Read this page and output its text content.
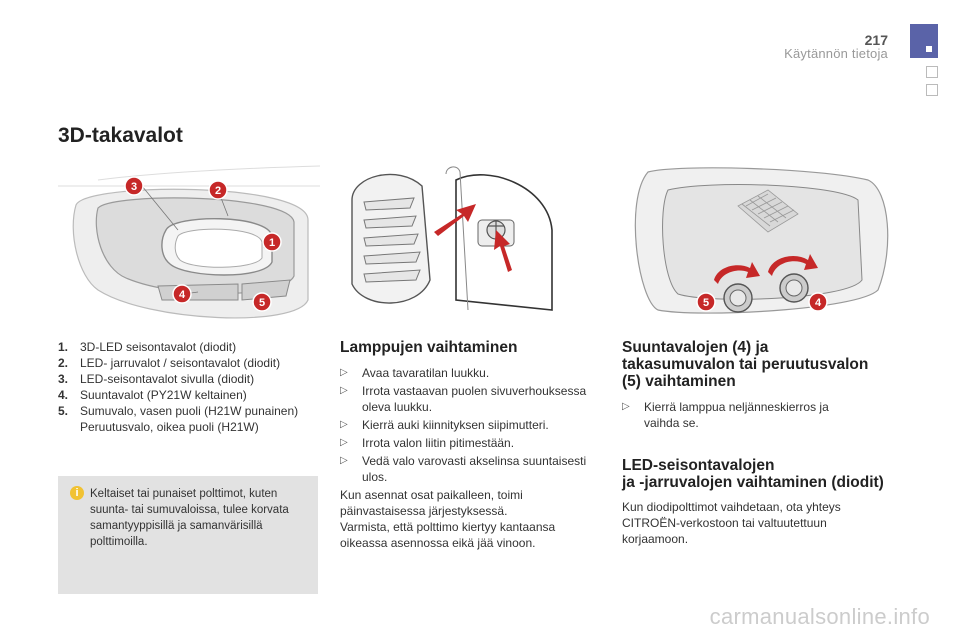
217
Käytännön tietoja
3D-takavalot
3	2
1
4
5	5	4
1. 3D-LED seisontavalot (diodit)
2. LED- jarruvalot / seisontavalot (diodit)
3. LED-seisontavalot sivulla (diodit)
4. Suuntavalot (PY21W keltainen)
5. Sumuvalo, vasen puoli (H21W punainen)
Peruutusvalo, oikea puoli (H21W)
i Keltaiset tai punaiset polttimot, kuten suunta- tai sumuvaloissa, tulee korvata samantyyppisillä ja samanvärisillä polttimoilla.
Lamppujen vaihtaminen
▷	Avaa tavaratilan luukku.
▷	Irrota vastaavan puolen sivuverhouksessa oleva luukku.
▷	Kierrä auki kiinnityksen siipimutteri.
▷	Irrota valon liitin pitimestään.
▷	Vedä valo varovasti akselinsa suuntaisesti ulos.
Kun asennat osat paikalleen, toimi päinvastaisessa järjestyksessä.
Varmista, että polttimo kiertyy kantaansa oikeassa asennossa eikä jää vinoon.
Suuntavalojen (4) ja
takasumuvalon tai peruutusvalon
(5) vaihtaminen
▷	Kierrä lamppua neljänneskierros ja vaihda se.
LED-seisontavalojen
ja -jarruvalojen vaihtaminen (diodit)
Kun diodipolttimot vaihdetaan, ota yhteys CITROËN-verkostoon tai valtuutettuun korjaamoon.
carmanualsonline.info
